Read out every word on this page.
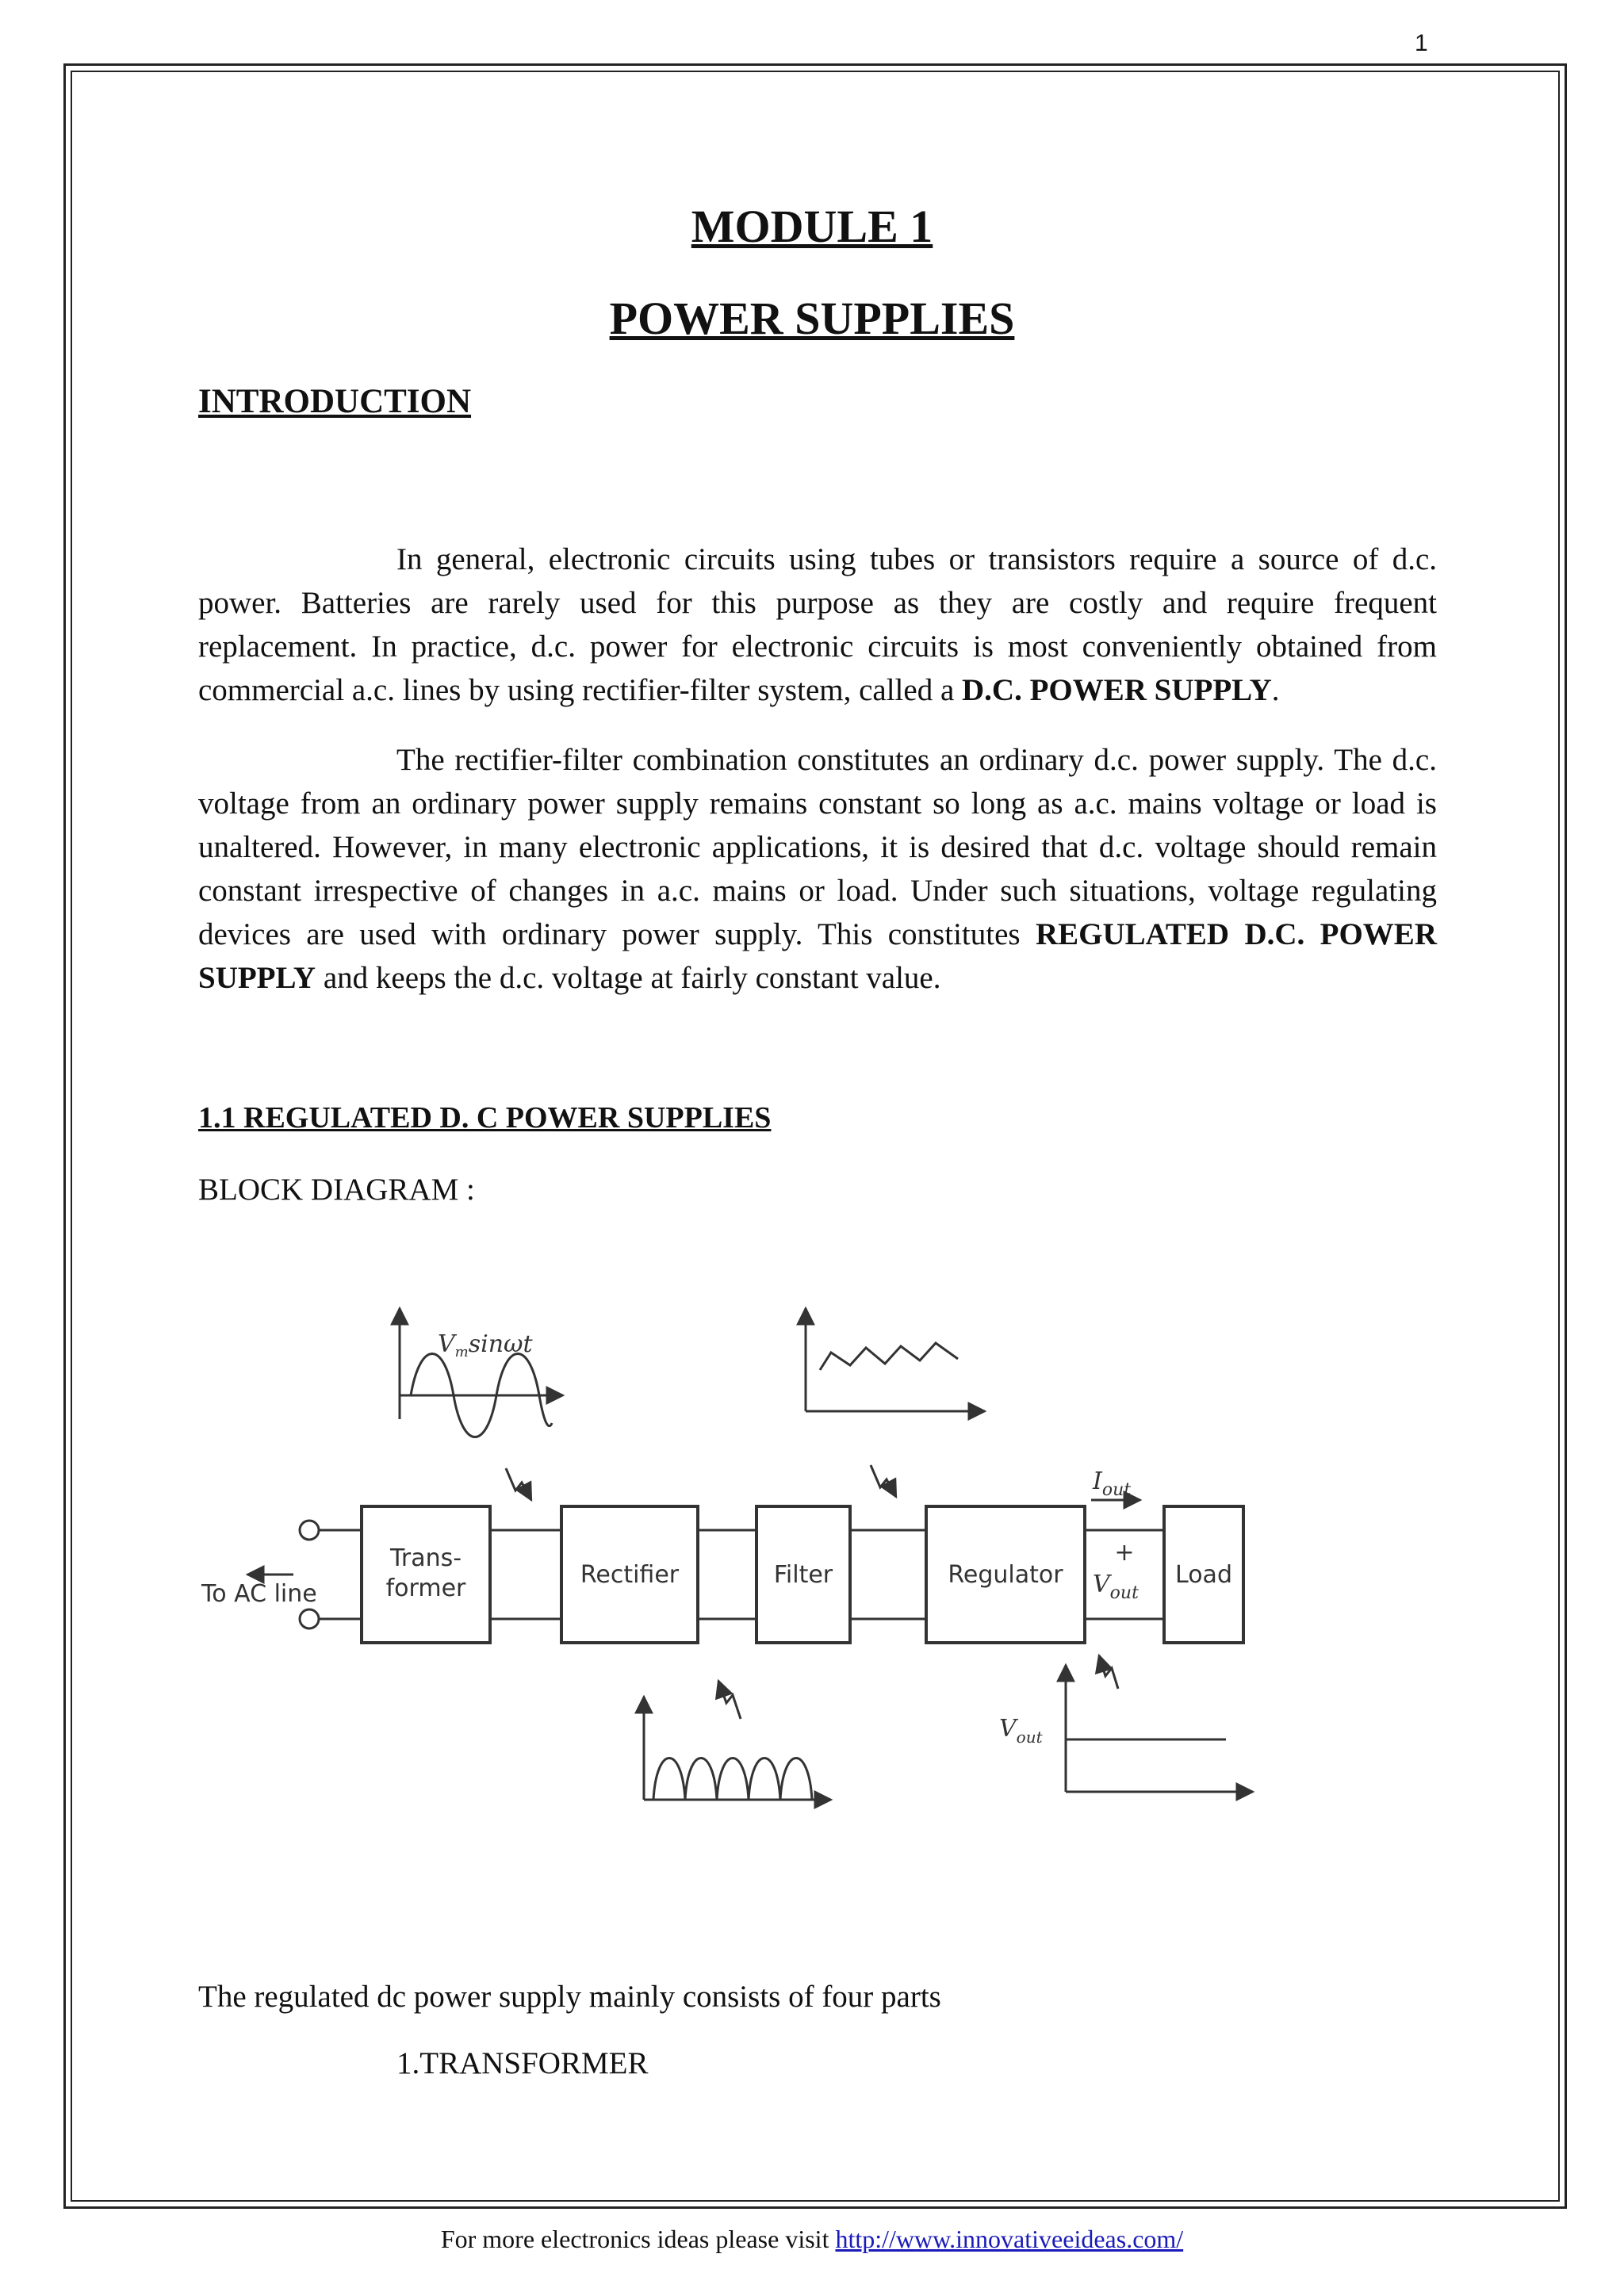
1
MODULE 1
POWER SUPPLIES
INTRODUCTION

In general, electronic circuits using tubes or transistors require a source of d.c. power. Batteries are rarely used for this purpose as they are costly and require frequent replacement. In practice, d.c. power for electronic circuits is most conveniently obtained from commercial a.c. lines by using rectifier-filter system, called a D.C. POWER SUPPLY.

The rectifier-filter combination constitutes an ordinary d.c. power supply. The d.c. voltage from an ordinary power supply remains constant so long as a.c. mains voltage or load is unaltered. However, in many electronic applications, it is desired that d.c. voltage should remain constant irrespective of changes in a.c. mains or load. Under such situations, voltage regulating devices are used with ordinary power supply. This constitutes REGULATED D.C. POWER SUPPLY and keeps the d.c. voltage at fairly constant value.

1.1 REGULATED D. C POWER SUPPLIES
BLOCK DIAGRAM :
To AC line
Trans-
former	Rectifier	Filter	Regulator	Load
$I_{out}$
+
$V_{out}$
-
$V_m\sin\omega t$
$V_{out}$
The regulated dc power supply mainly consists of four parts
1.TRANSFORMER
For more electronics ideas please visit http://www.innovativeeideas.com/
